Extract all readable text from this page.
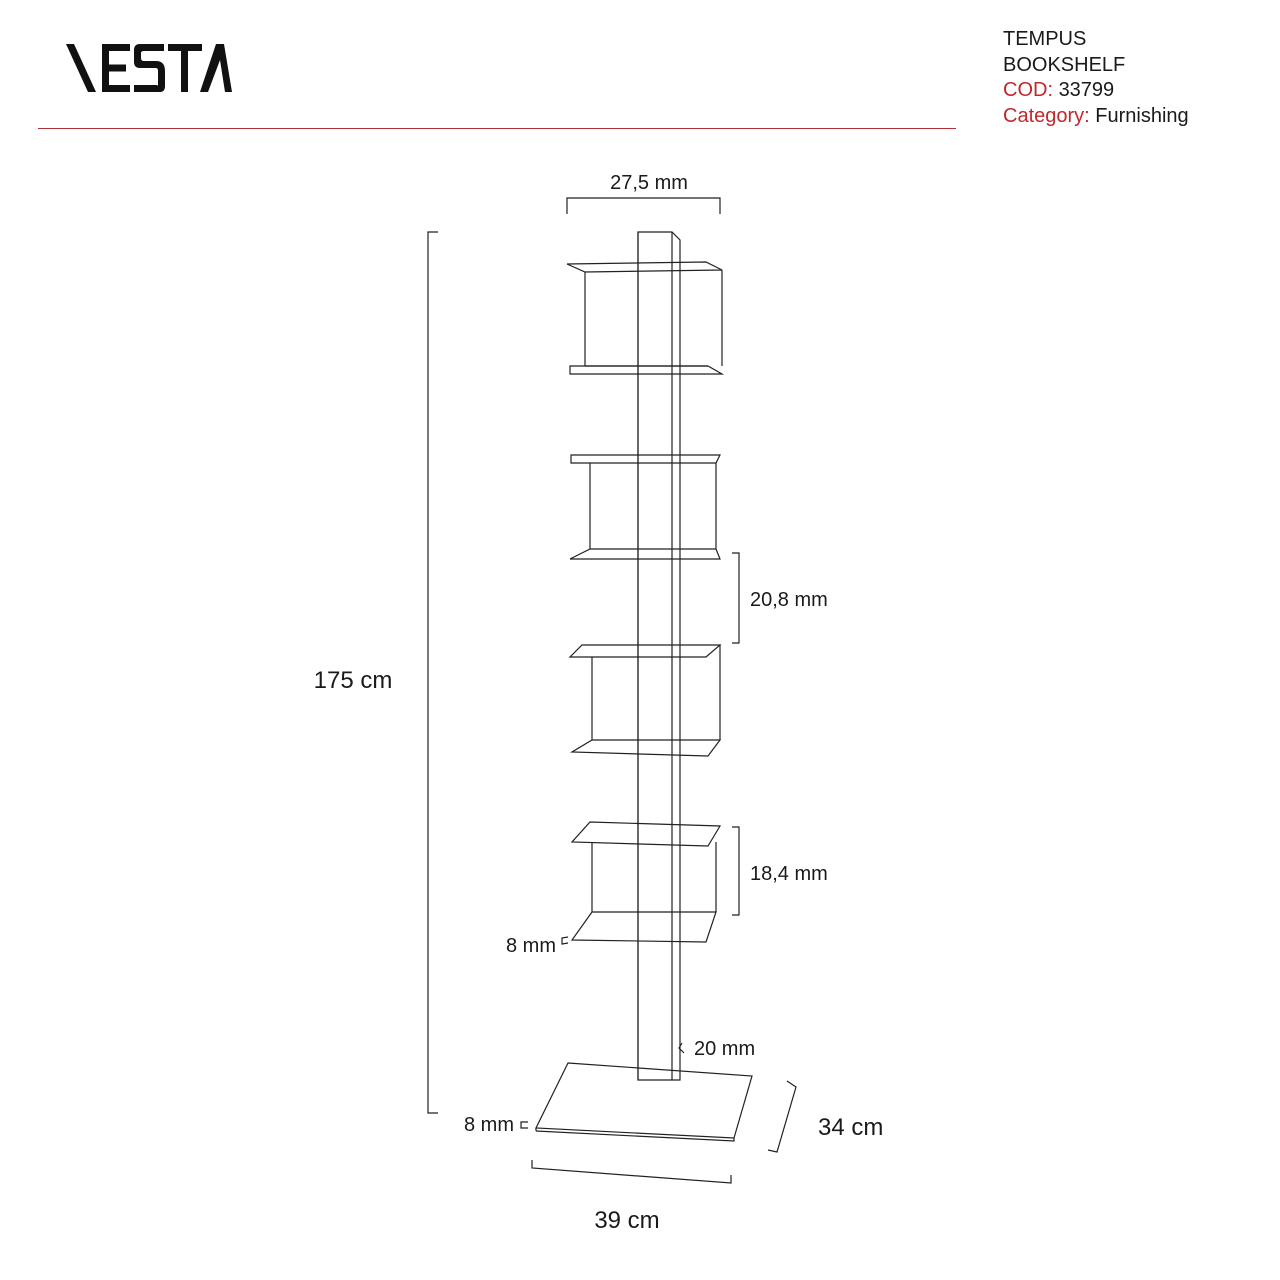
TEMPUS
BOOKSHELF
COD: 33799
Category: Furnishing
27,5 mm
175 cm
20,8 mm
18,4 mm
8 mm
20 mm
8 mm	34 cm
39 cm
